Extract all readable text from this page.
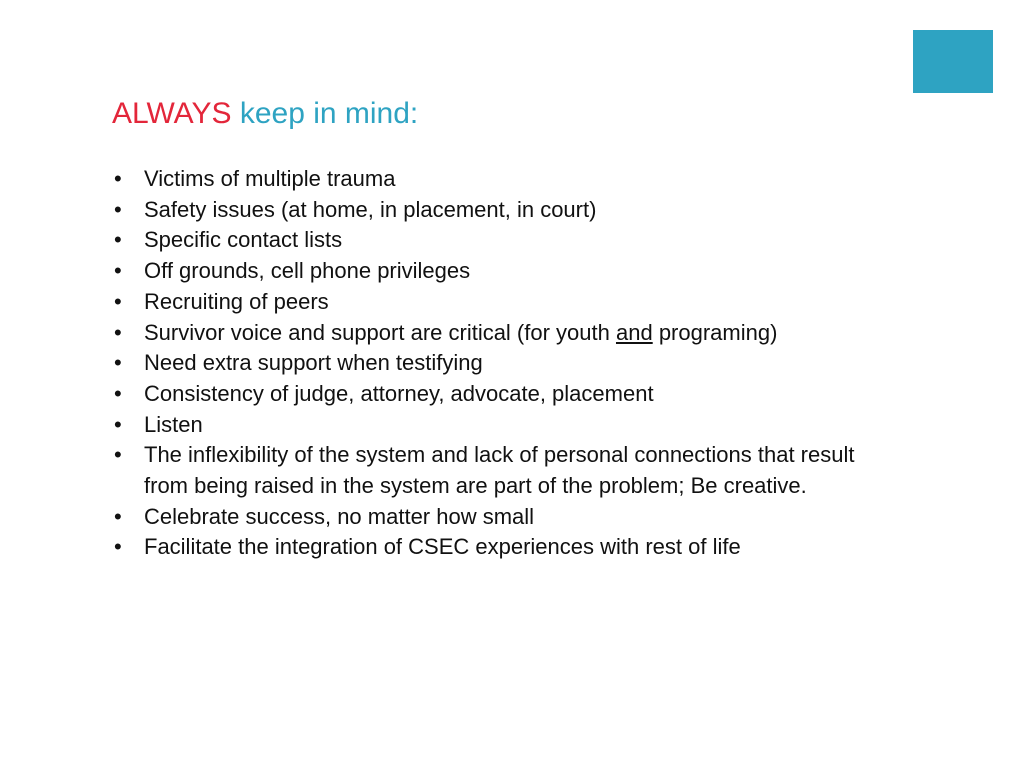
ALWAYS keep in mind:
• Victims of multiple trauma
• Safety issues (at home, in placement, in court)
• Specific contact lists
• Off grounds, cell phone privileges
• Recruiting of peers
• Survivor voice and support are critical (for youth and programing)
• Need extra support when testifying
• Consistency of judge, attorney, advocate, placement
• Listen
• The inflexibility of the system and lack of personal connections that result from being raised in the system are part of the problem; Be creative.
• Celebrate success, no matter how small
• Facilitate the integration of CSEC experiences with rest of life
